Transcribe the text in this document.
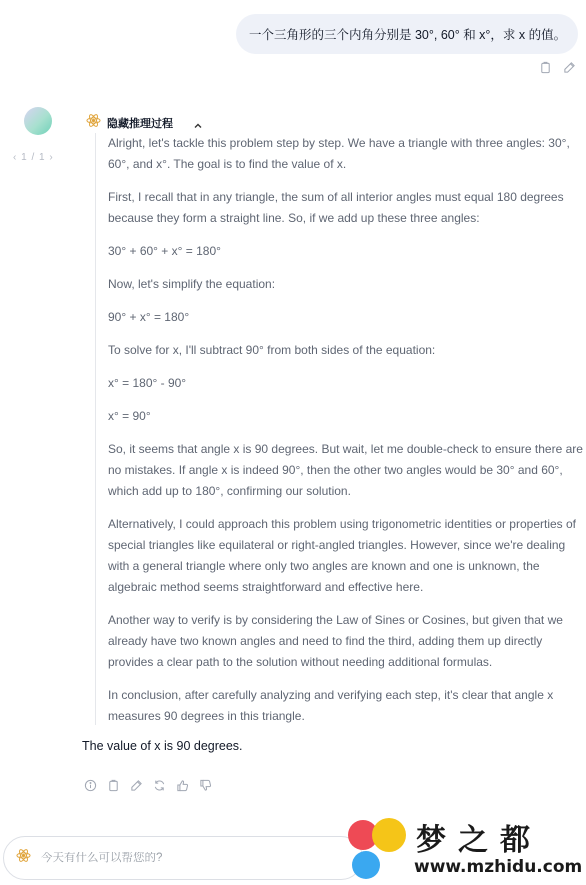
一个三角形的三个内角分别是 30°, 60° 和 x°，求 x 的值。
‹ 1 / 1 ›
隐藏推理过程

Alright, let's tackle this problem step by step. We have a triangle with three angles: 30°, 60°, and x°. The goal is to find the value of x.

First, I recall that in any triangle, the sum of all interior angles must equal 180 degrees because they form a straight line. So, if we add up these three angles:

30° + 60° + x° = 180°

Now, let's simplify the equation:

90° + x° = 180°

To solve for x, I'll subtract 90° from both sides of the equation:

x° = 180° - 90°

x° = 90°

So, it seems that angle x is 90 degrees. But wait, let me double-check to ensure there are no mistakes. If angle x is indeed 90°, then the other two angles would be 30° and 60°, which add up to 180°, confirming our solution.

Alternatively, I could approach this problem using trigonometric identities or properties of special triangles like equilateral or right-angled triangles. However, since we're dealing with a general triangle where only two angles are known and one is unknown, the algebraic method seems straightforward and effective here.

Another way to verify is by considering the Law of Sines or Cosines, but given that we already have two known angles and need to find the third, adding them up directly provides a clear path to the solution without needing additional formulas.

In conclusion, after carefully analyzing and verifying each step, it's clear that angle x measures 90 degrees in this triangle.

The value of x is 90 degrees.
今天有什么可以帮您的?
梦之都
www.mzhidu.com
